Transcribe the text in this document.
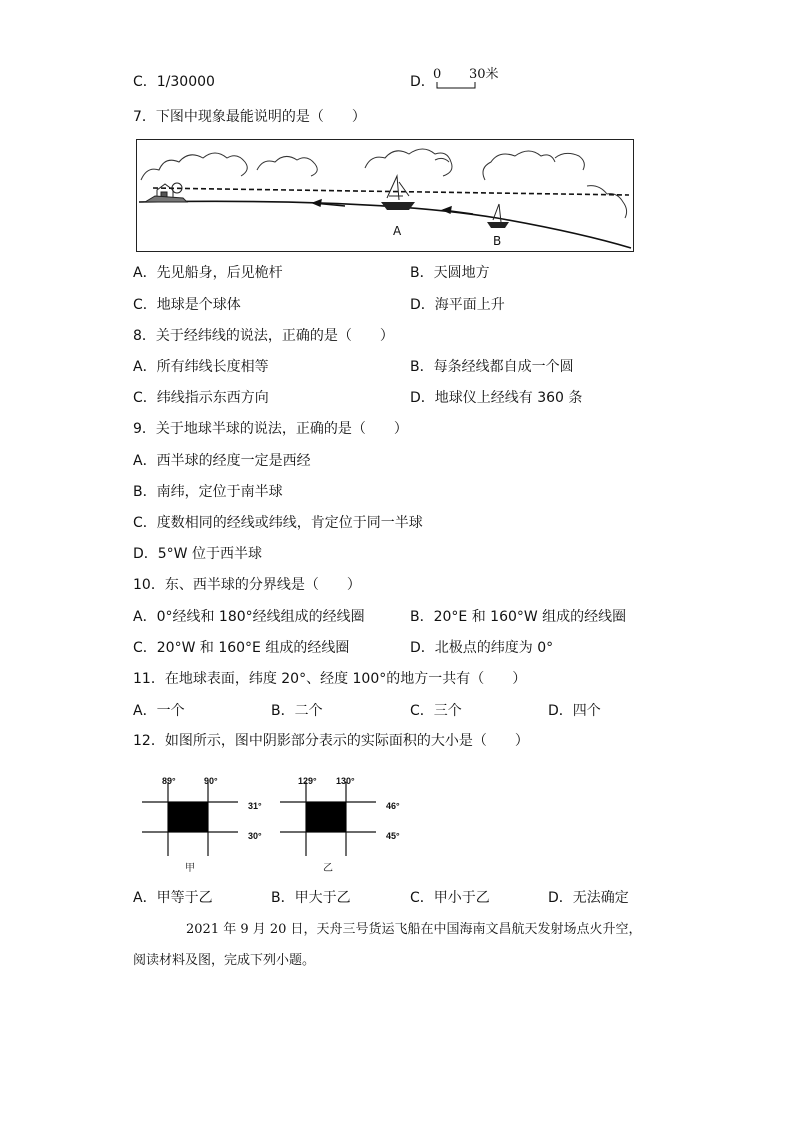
C．1/30000	D．
0 30米
7．下图中现象最能说明的是（　　）
A
B
A．先见船身，后见桅杆	B．天圆地方
C．地球是个球体	D．海平面上升
8．关于经纬线的说法，正确的是（　　）
A．所有纬线长度相等	B．每条经线都自成一个圆
C．纬线指示东西方向	D．地球仪上经线有 360 条
9．关于地球半球的说法，正确的是（　　）
A．西半球的经度一定是西经
B．南纬，定位于南半球
C．度数相同的经线或纬线，肯定位于同一半球
D．5°W 位于西半球
10．东、西半球的分界线是（　　）
A．0°经线和 180°经线组成的经线圈	B．20°E 和 160°W 组成的经线圈
C．20°W 和 160°E 组成的经线圈	D．北极点的纬度为 0°
11．在地球表面，纬度 20°、经度 100°的地方一共有（　　）
A．一个	B．二个	C．三个	D．四个
12．如图所示，图中阴影部分表示的实际面积的大小是（　　）
89°	90°
31°
30°
甲
129° 130°
46°
45°
乙
A．甲等于乙	B．甲大于乙	C．甲小于乙	D．无法确定
2021 年 9 月 20 日，天舟三号货运飞船在中国海南文昌航天发射场点火升空，
阅读材料及图，完成下列小题。
